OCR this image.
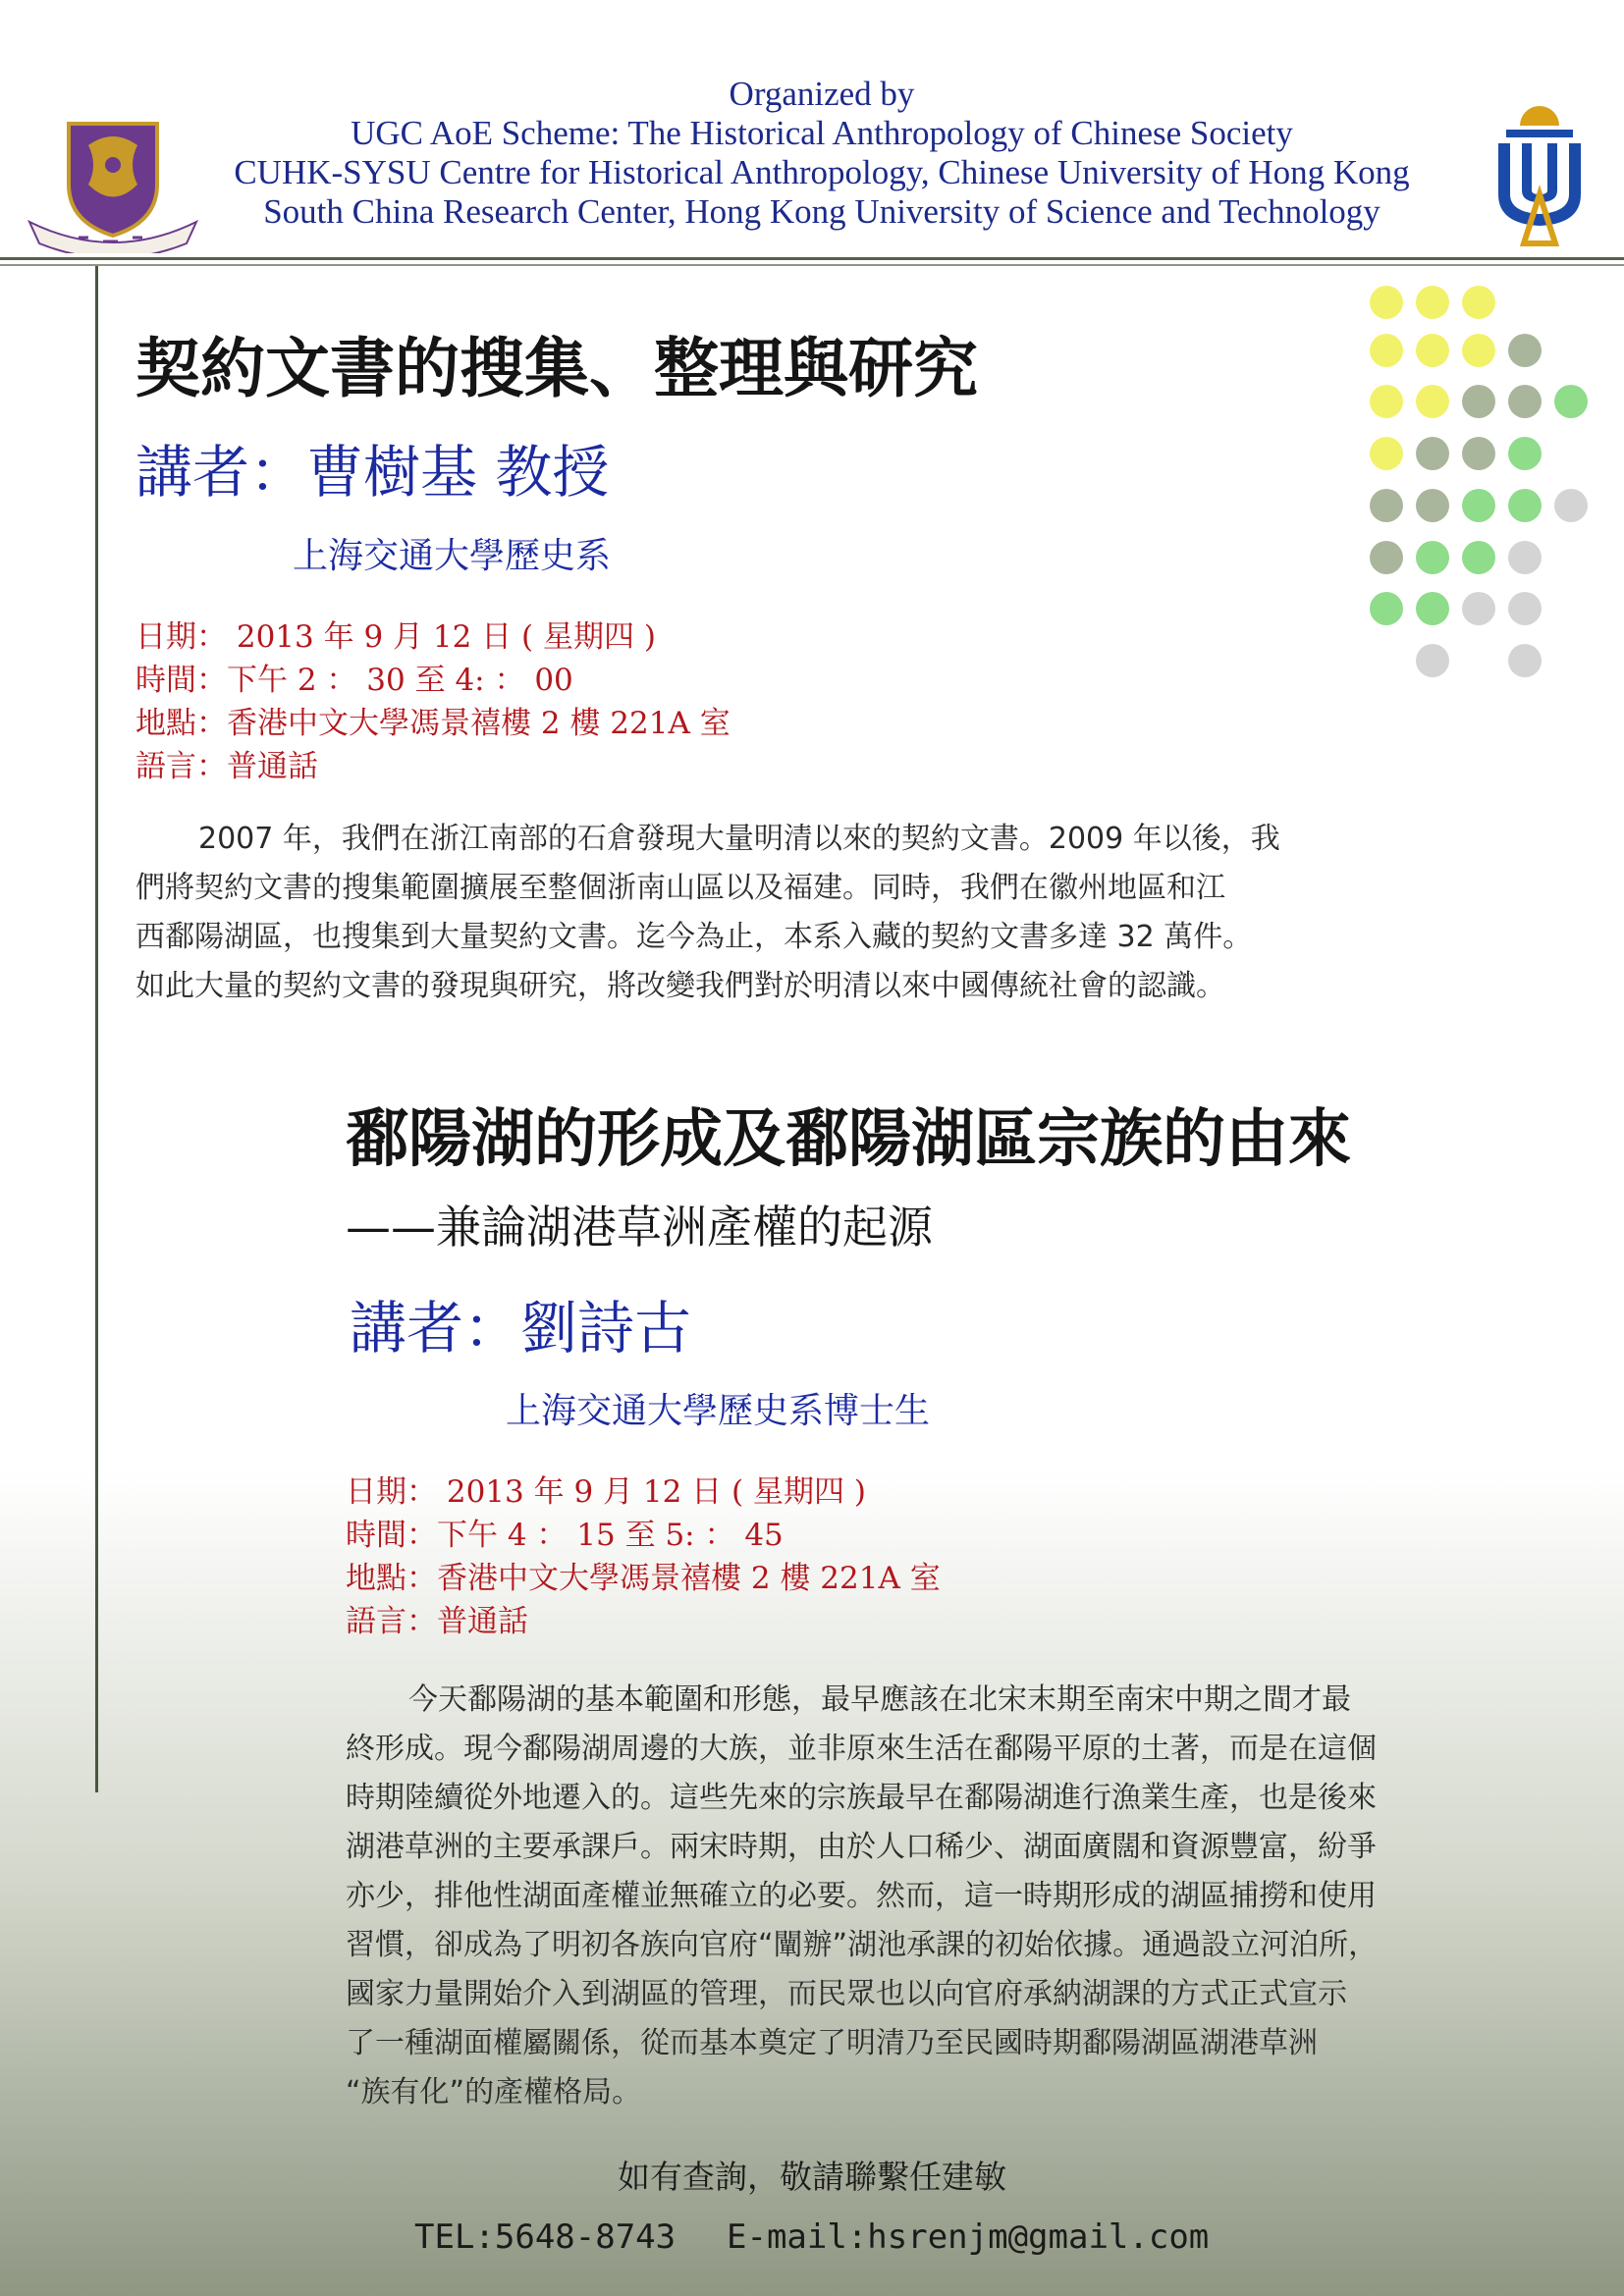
Organized by
UGC AoE Scheme: The Historical Anthropology of Chinese Society
CUHK-SYSU Centre for Historical Anthropology, Chinese University of Hong Kong
South China Research Center, Hong Kong University of Science and Technology
契約文書的搜集、整理與研究
講者：曹樹基 教授
上海交通大學歷史系
日期： 2013 年 9 月 12 日 ( 星期四 )
時間：下午 2 ： 30 至 4: ： 00
地點：香港中文大學馮景禧樓 2 樓 221A 室
語言：普通話

2007 年，我們在浙江南部的石倉發現大量明清以來的契約文書。2009 年以後，我

們將契約文書的搜集範圍擴展至整個浙南山區以及福建。同時，我們在徽州地區和江

西鄱陽湖區，也搜集到大量契約文書。迄今為止，本系入藏的契約文書多達 32 萬件。

如此大量的契約文書的發現與研究，將改變我們對於明清以來中國傳統社會的認識。

鄱陽湖的形成及鄱陽湖區宗族的由來
——兼論湖港草洲產權的起源
講者：劉詩古
上海交通大學歷史系博士生
日期： 2013 年 9 月 12 日 ( 星期四 )
時間：下午 4 ： 15 至 5: ： 45
地點：香港中文大學馮景禧樓 2 樓 221A 室
語言：普通話

今天鄱陽湖的基本範圍和形態，最早應該在北宋末期至南宋中期之間才最

終形成。現今鄱陽湖周邊的大族，並非原來生活在鄱陽平原的土著，而是在這個

時期陸續從外地遷入的。這些先來的宗族最早在鄱陽湖進行漁業生產，也是後來

湖港草洲的主要承課戶。兩宋時期，由於人口稀少、湖面廣闊和資源豐富，紛爭

亦少，排他性湖面產權並無確立的必要。然而，這一時期形成的湖區捕撈和使用

習慣，卻成為了明初各族向官府“闡辦”湖池承課的初始依據。通過設立河泊所，

國家力量開始介入到湖區的管理，而民眾也以向官府承納湖課的方式正式宣示

了一種湖面權屬關係，從而基本奠定了明清乃至民國時期鄱陽湖區湖港草洲

“族有化”的產權格局。

如有查詢，敬請聯繫任建敏
TEL:5648-8743 E-mail:hsrenjm@gmail.com
